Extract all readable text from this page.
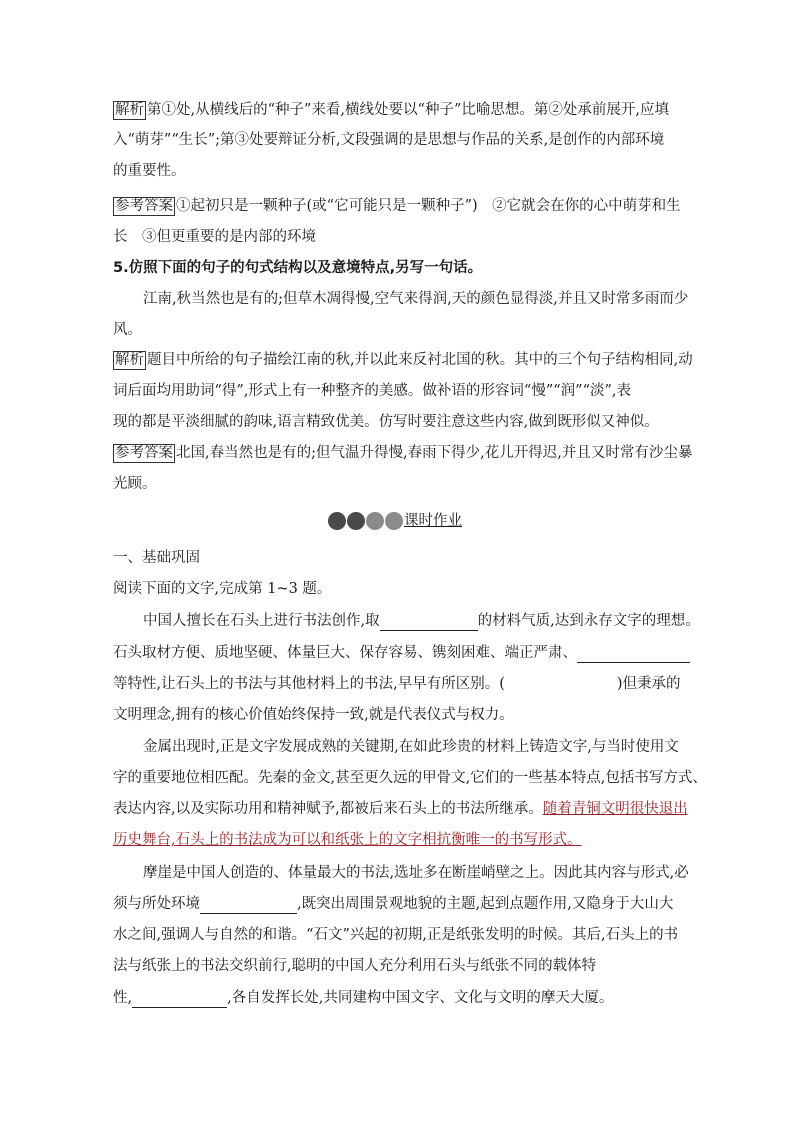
解析 第①处,从横线后的“种子”来看,横线处要以“种子”比喻思想。第②处承前展开,应填
入“萌芽”“生长”;第③处要辩证分析,文段强调的是思想与作品的关系,是创作的内部环境
的重要性。
参考答案 ①起初只是一颗种子(或“它可能只是一颗种子”)　②它就会在你的心中萌芽和生
长　③但更重要的是内部的环境
5.仿照下面的句子的句式结构以及意境特点,另写一句话。
江南,秋当然也是有的;但草木凋得慢,空气来得润,天的颜色显得淡,并且又时常多雨而少
风。
解析 题目中所给的句子描绘江南的秋,并以此来反衬北国的秋。其中的三个句子结构相同,动
词后面均用助词“得”,形式上有一种整齐的美感。做补语的形容词“慢”“润”“淡”,表
现的都是平淡细腻的韵味,语言精致优美。仿写时要注意这些内容,做到既形似又神似。
参考答案 北国,春当然也是有的;但气温升得慢,春雨下得少,花儿开得迟,并且又时常有沙尘暴
光顾。
课时作业
一、基础巩固
阅读下面的文字,完成第 1~3 题。
中国人擅长在石头上进行书法创作,取	的材料气质,达到永存文字的理想。
石头取材方便、质地坚硬、体量巨大、保存容易、镌刻困难、端正严肃、
等特性,让石头上的书法与其他材料上的书法,早早有所区别。(	)但秉承的
文明理念,拥有的核心价值始终保持一致,就是代表仪式与权力。
金属出现时,正是文字发展成熟的关键期,在如此珍贵的材料上铸造文字,与当时使用文
字的重要地位相匹配。先秦的金文,甚至更久远的甲骨文,它们的一些基本特点,包括书写方式、
表达内容,以及实际功用和精神赋予,都被后来石头上的书法所继承。随着青铜文明很快退出
历史舞台,石头上的书法成为可以和纸张上的文字相抗衡唯一的书写形式。
摩崖是中国人创造的、体量最大的书法,选址多在断崖峭壁之上。因此其内容与形式,必
须与所处环境	,既突出周围景观地貌的主题,起到点题作用,又隐身于大山大
水之间,强调人与自然的和谐。“石文”兴起的初期,正是纸张发明的时候。其后,石头上的书
法与纸张上的书法交织前行,聪明的中国人充分利用石头与纸张不同的载体特
性,	,各自发挥长处,共同建构中国文字、文化与文明的摩天大厦。
